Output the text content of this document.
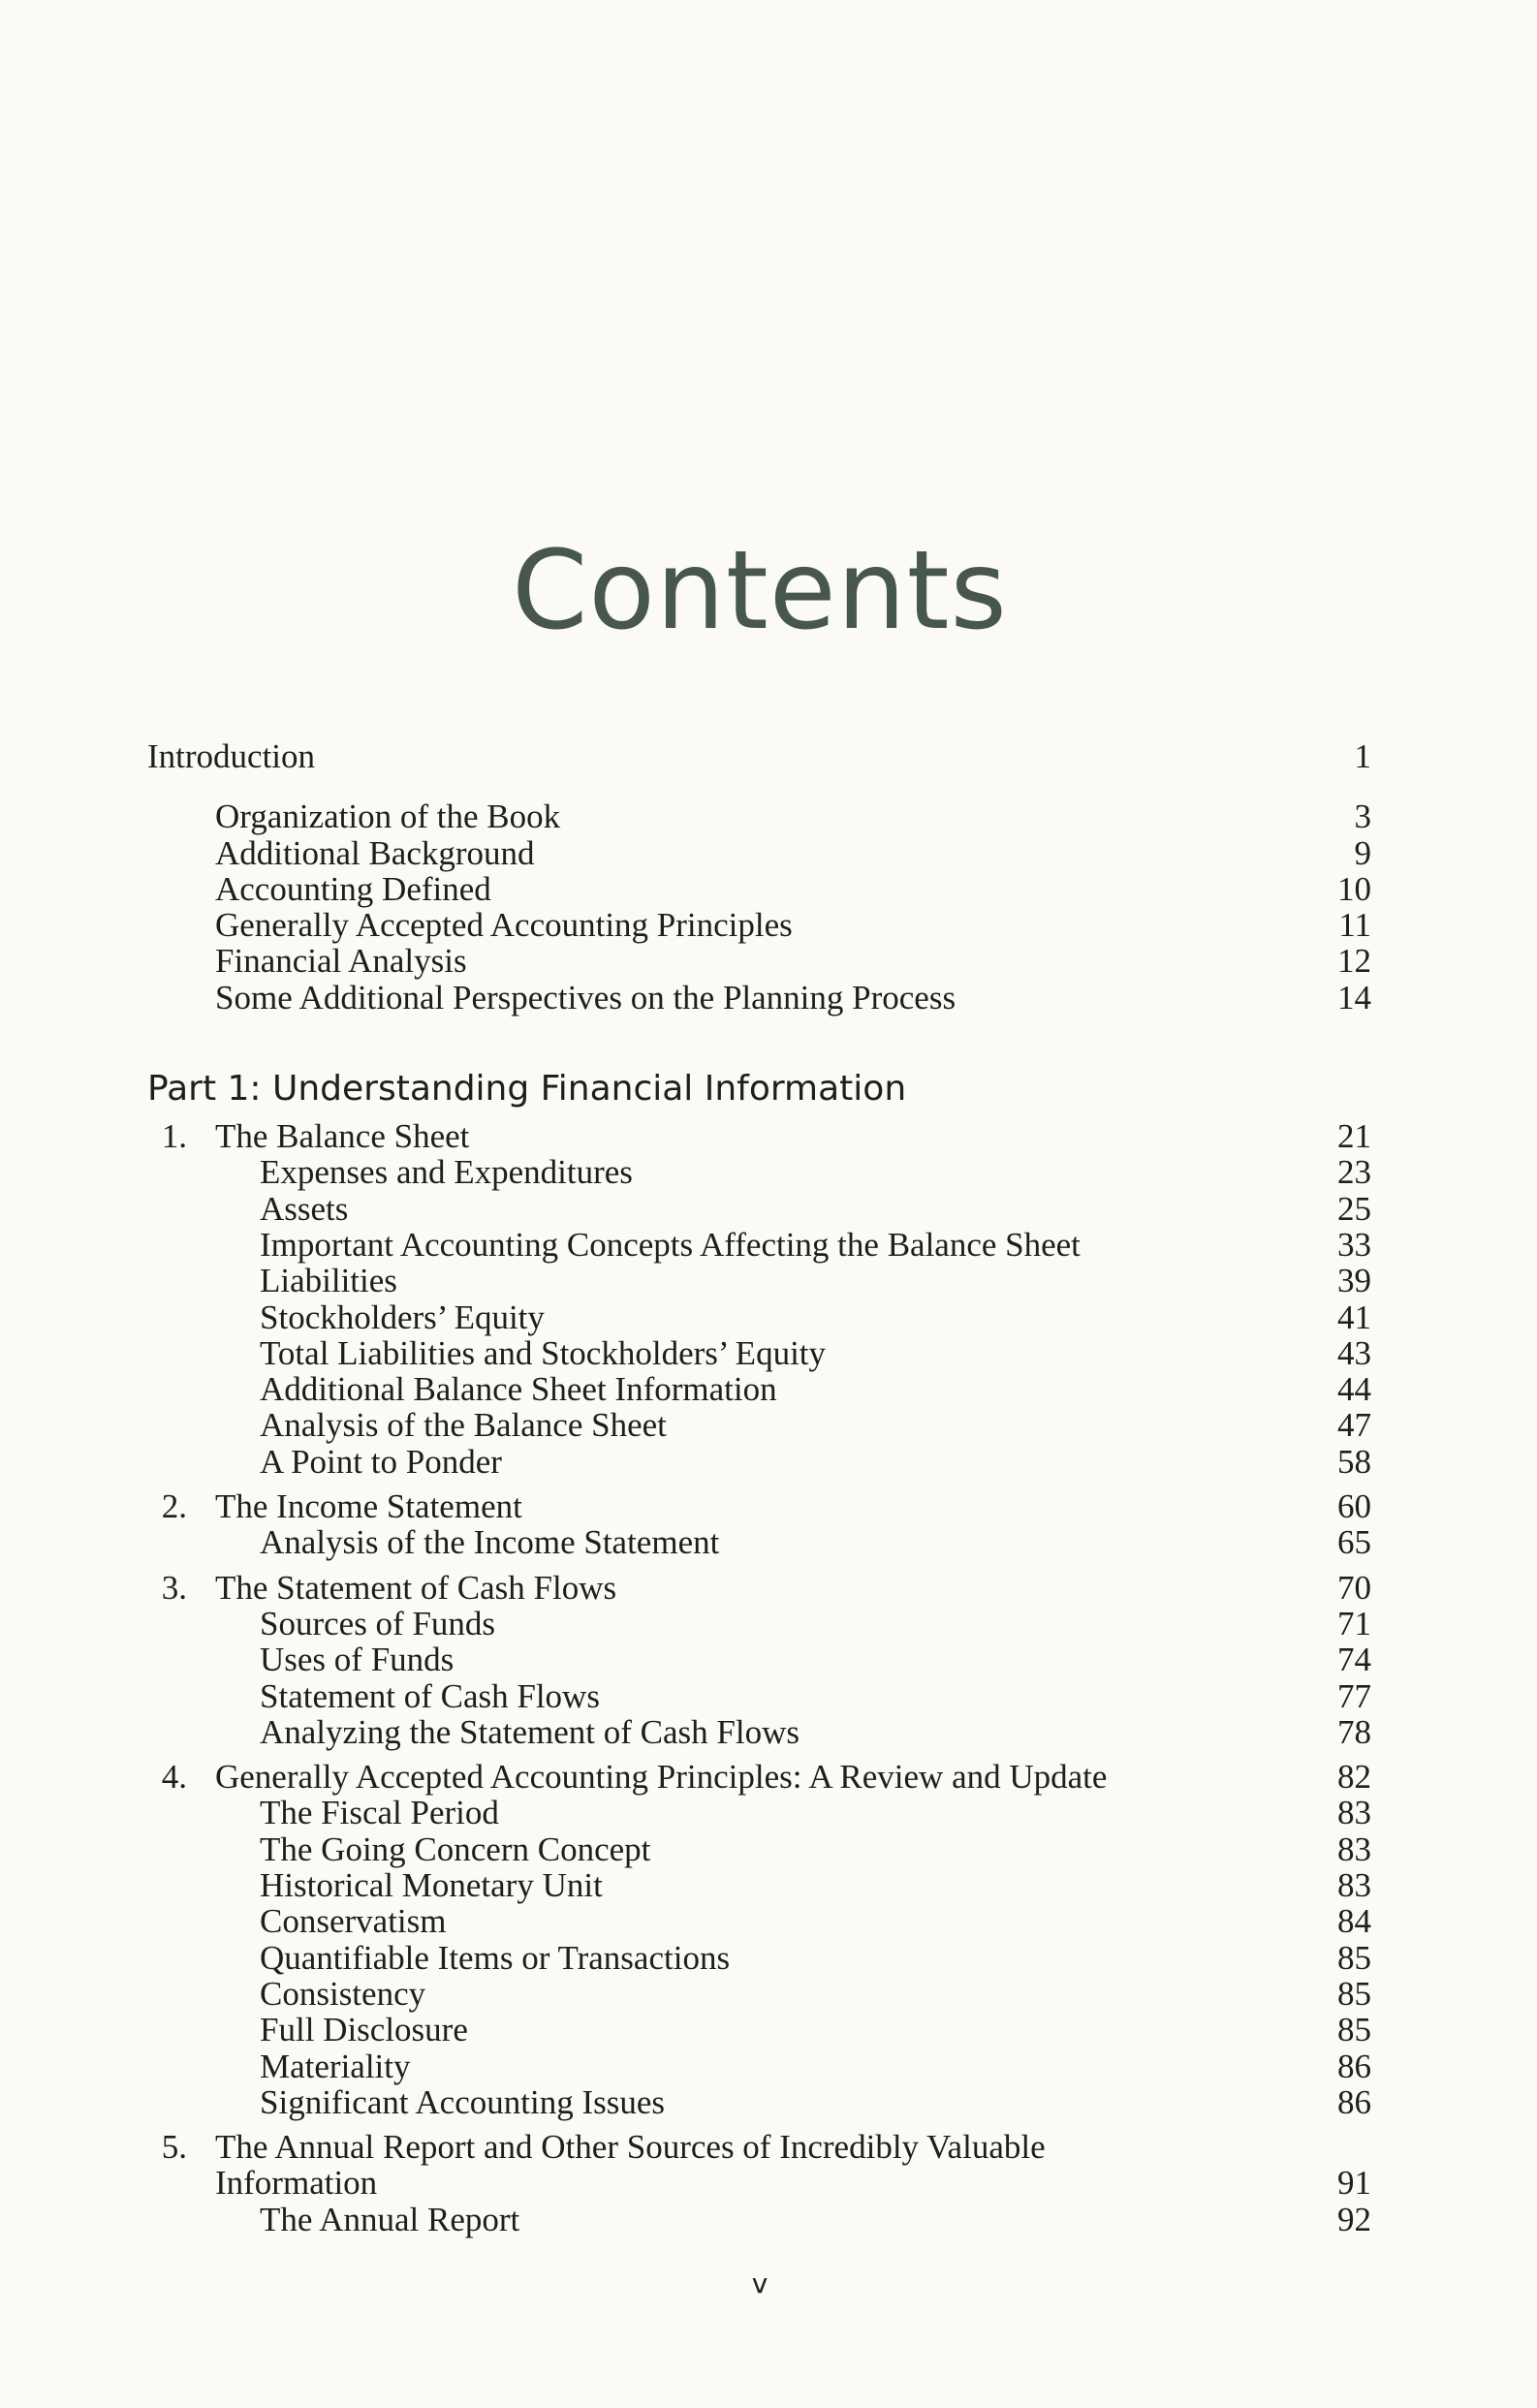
Contents
Introduction	1
Organization of the Book	3
Additional Background	9
Accounting Defined	10
Generally Accepted Accounting Principles	11
Financial Analysis	12
Some Additional Perspectives on the Planning Process	14
Part 1: Understanding Financial Information
1. The Balance Sheet	21
Expenses and Expenditures	23
Assets	25
Important Accounting Concepts Affecting the Balance Sheet	33
Liabilities	39
Stockholders’ Equity	41
Total Liabilities and Stockholders’ Equity	43
Additional Balance Sheet Information	44
Analysis of the Balance Sheet	47
A Point to Ponder	58
2. The Income Statement	60
Analysis of the Income Statement	65
3. The Statement of Cash Flows	70
Sources of Funds	71
Uses of Funds	74
Statement of Cash Flows	77
Analyzing the Statement of Cash Flows	78
4. Generally Accepted Accounting Principles: A Review and Update	82
The Fiscal Period	83
The Going Concern Concept	83
Historical Monetary Unit	83
Conservatism	84
Quantifiable Items or Transactions	85
Consistency	85
Full Disclosure	85
Materiality	86
Significant Accounting Issues	86
5. The Annual Report and Other Sources of Incredibly Valuable
Information	91
The Annual Report	92
v
